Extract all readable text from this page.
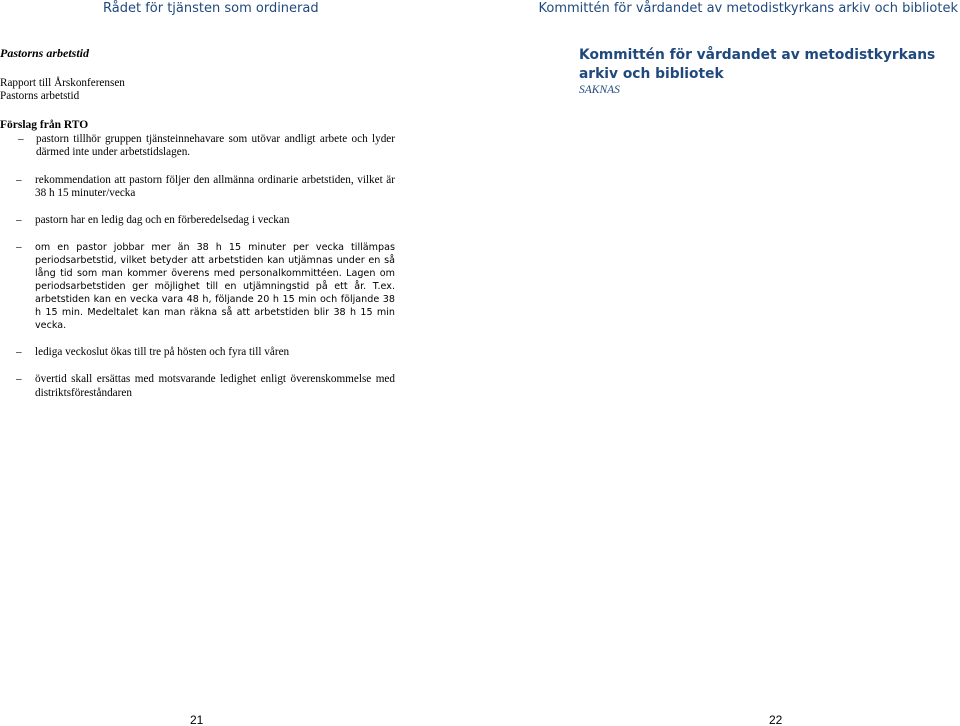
Rådet för tjänsten som ordinerad	Kommittén för vårdandet av metodistkyrkans arkiv och bibliotek
Pastorns arbetstid
Rapport till Årskonferensen
Pastorns arbetstid
Förslag från RTO
– pastorn tillhör gruppen tjänsteinnehavare som utövar andligt arbete och lyder därmed inte under arbetstidslagen.
– rekommendation att pastorn följer den allmänna ordinarie arbetstiden, vilket är 38 h 15 minuter/vecka
– pastorn har en ledig dag och en förberedelsedag i veckan
– om en pastor jobbar mer än 38 h 15 minuter per vecka tillämpas periodsarbetstid, vilket betyder att arbetstiden kan utjämnas under en så lång tid som man kommer överens med personalkommittéen. Lagen om periodsarbetstiden ger möjlighet till en utjämningstid på ett år. T.ex. arbetstiden kan en vecka vara 48 h, följande 20 h 15 min och följande 38 h 15 min. Medeltalet kan man räkna så att arbetstiden blir 38 h 15 min vecka.
– lediga veckoslut ökas till tre på hösten och fyra till våren
– övertid skall ersättas med motsvarande ledighet enligt överenskommelse med distriktsföreståndaren
Kommittén för vårdandet av metodistkyrkans arkiv och bibliotek
SAKNAS
21	22
